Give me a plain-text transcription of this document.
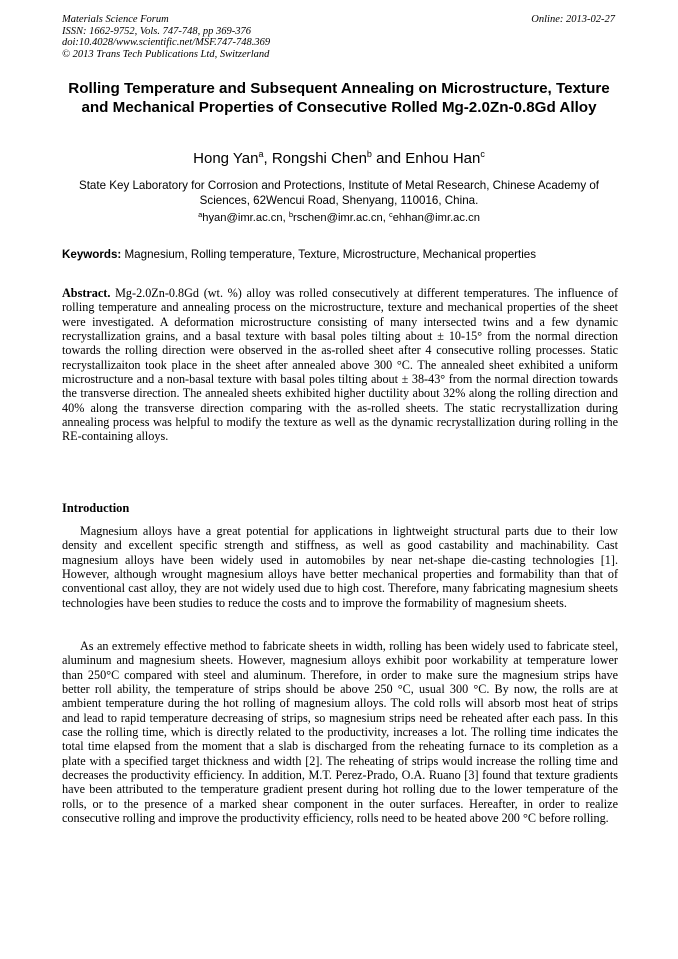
Materials Science Forum
ISSN: 1662-9752, Vols. 747-748, pp 369-376
doi:10.4028/www.scientific.net/MSF.747-748.369
© 2013 Trans Tech Publications Ltd, Switzerland
Online: 2013-02-27
Rolling Temperature and Subsequent Annealing on Microstructure, Texture and Mechanical Properties of Consecutive Rolled Mg-2.0Zn-0.8Gd Alloy
Hong Yan$^a$, Rongshi Chen$^b$ and Enhou Han$^c$
State Key Laboratory for Corrosion and Protections, Institute of Metal Research, Chinese Academy of Sciences, 62Wencui Road, Shenyang, 110016, China.
$^a$hyan@imr.ac.cn, $^b$rschen@imr.ac.cn, $^c$ehhan@imr.ac.cn
Keywords: Magnesium, Rolling temperature, Texture, Microstructure, Mechanical properties
Abstract. Mg-2.0Zn-0.8Gd (wt. %) alloy was rolled consecutively at different temperatures. The influence of rolling temperature and annealing process on the microstructure, texture and mechanical properties of the sheet were investigated. A deformation microstructure consisting of many intersected twins and a few dynamic recrystallization grains, and a basal texture with basal poles tilting about ± 10-15° from the normal direction towards the rolling direction were observed in the as-rolled sheet after 4 consecutive rolling processes. Static recrystallizaiton took place in the sheet after annealed above 300 °C. The annealed sheet exhibited a uniform microstructure and a non-basal texture with basal poles tilting about ± 38-43° from the normal direction towards the transverse direction. The annealed sheets exhibited higher ductility about 32% along the rolling direction and 40% along the transverse direction comparing with the as-rolled sheets. The static recrystallization during annealing process was helpful to modify the texture as well as the dynamic recrystallization during rolling in the RE-containing alloys.
Introduction

Magnesium alloys have a great potential for applications in lightweight structural parts due to their low density and excellent specific strength and stiffness, as well as good castability and machinability. Cast magnesium alloys have been widely used in automobiles by near net-shape die-casting technologies [1]. However, although wrought magnesium alloys have better mechanical properties and formability than that of conventional cast alloy, they are not widely used due to high cost. Therefore, many fabricating magnesium sheets technologies have been studies to reduce the costs and to improve the formability of magnesium sheets.

As an extremely effective method to fabricate sheets in width, rolling has been widely used to fabricate steel, aluminum and magnesium sheets. However, magnesium alloys exhibit poor workability at temperature lower than 250°C compared with steel and aluminum. Therefore, in order to make sure the magnesium strips have better roll ability, the temperature of strips should be above 250 °C, usual 300 °C. By now, the rolls are at ambient temperature during the hot rolling of magnesium alloys. The cold rolls will absorb most heat of strips and lead to rapid temperature decreasing of strips, so magnesium strips need be reheated after each pass. In this case the rolling time, which is directly related to the productivity, increases a lot. The rolling time indicates the total time elapsed from the moment that a slab is discharged from the reheating furnace to its completion as a plate with a specified target thickness and width [2]. The reheating of strips would increase the rolling time and decreases the productivity efficiency. In addition, M.T. Perez-Prado, O.A. Ruano [3] found that texture gradients have been attributed to the temperature gradient present during hot rolling due to the lower temperature of the rolls, or to the presence of a marked shear component in the outer surfaces. Hereafter, in order to realize consecutive rolling and improve the productivity efficiency, rolls need to be heated above 200 °C before rolling.
